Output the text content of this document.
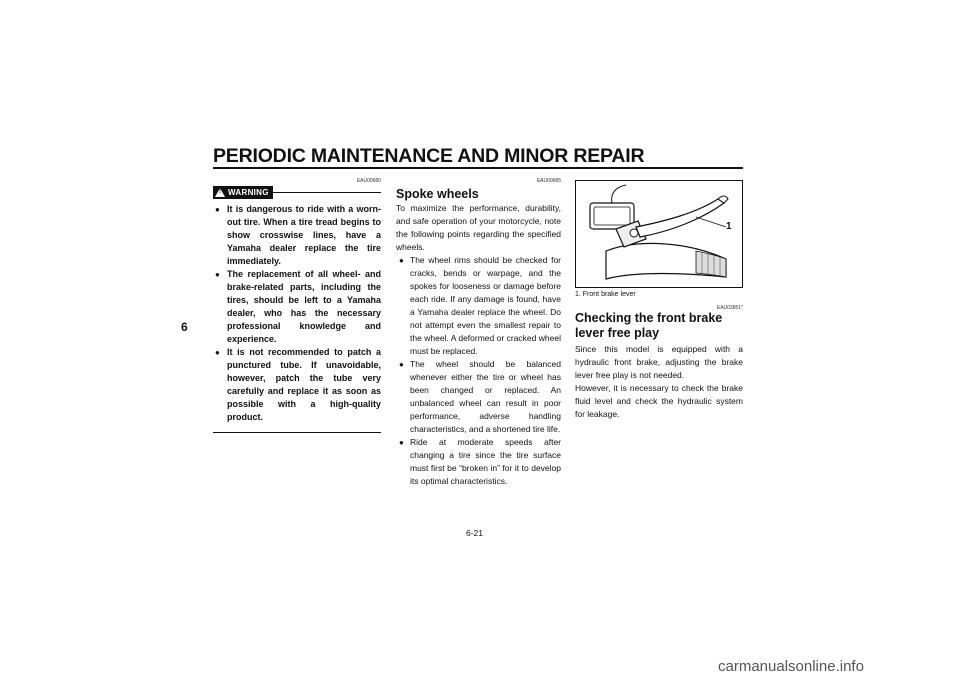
PERIODIC MAINTENANCE AND MINOR REPAIR
6
EAU00680
! WARNING
● It is dangerous to ride with a worn-out tire. When a tire tread begins to show crosswise lines, have a Yamaha dealer replace the tire immediately.
● The replacement of all wheel- and brake-related parts, including the tires, should be left to a Yamaha dealer, who has the necessary professional knowledge and experience.
● It is not recommended to patch a punctured tube. If unavoidable, however, patch the tube very carefully and replace it as soon as possible with a high-quality product.
EAU00685
Spoke wheels

To maximize the performance, durability, and safe operation of your motorcycle, note the following points regarding the specified wheels.

● The wheel rims should be checked for cracks, bends or warpage, and the spokes for looseness or damage before each ride. If any damage is found, have a Yamaha dealer replace the wheel. Do not attempt even the smallest repair to the wheel. A deformed or cracked wheel must be replaced.
● The wheel should be balanced whenever either the tire or wheel has been changed or replaced. An unbalanced wheel can result in poor performance, adverse handling characteristics, and a shortened tire life.
● Ride at moderate speeds after changing a tire since the tire surface must first be “broken in” for it to develop its optimal characteristics.
1
1. Front brake lever
EAU03851*
Checking the front brake lever free play

Since this model is equipped with a hydraulic front brake, adjusting the brake lever free play is not needed.

However, it is necessary to check the brake fluid level and check the hydraulic system for leakage.

6-21
carmanualsonline.info
